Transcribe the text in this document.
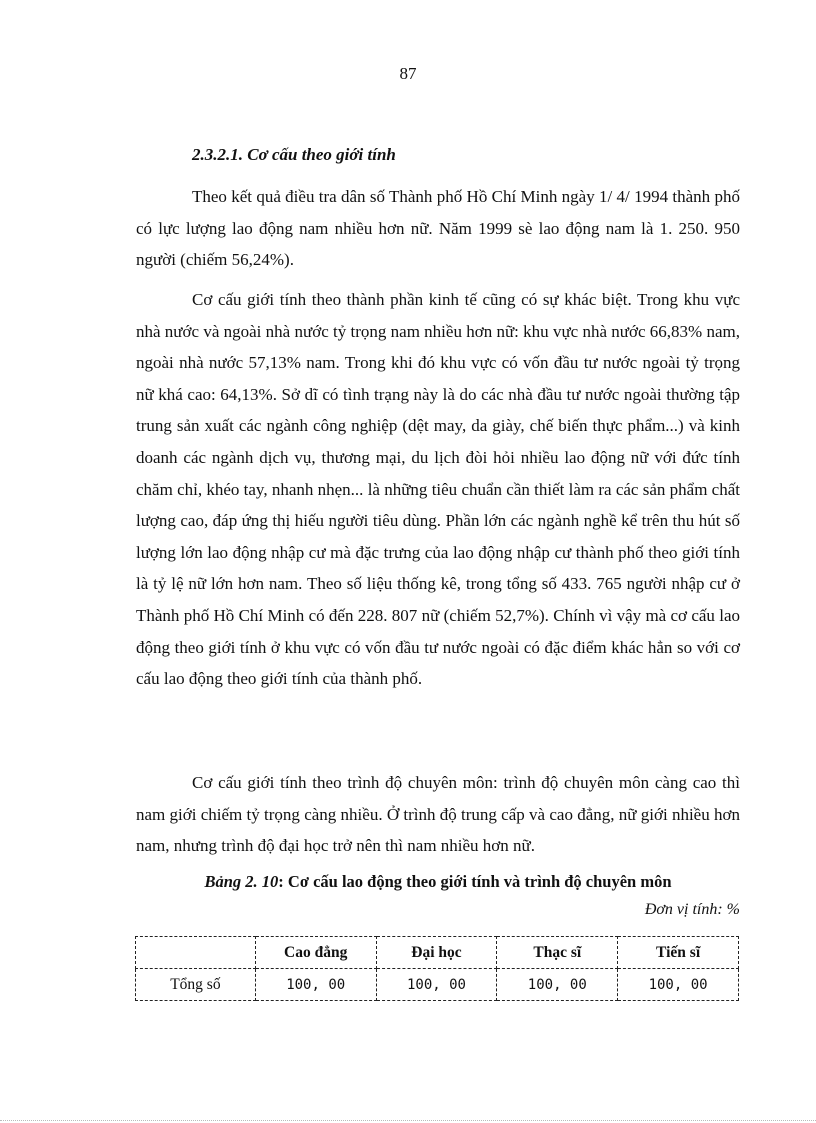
87
2.3.2.1. Cơ cấu theo giới tính

Theo kết quả điều tra dân số Thành phố Hồ Chí Minh ngày 1/ 4/ 1994 thành phố có lực lượng lao động nam nhiều hơn nữ. Năm 1999 sè lao động nam là 1. 250. 950 người (chiếm 56,24%).

Cơ cấu giới tính theo thành phần kinh tế cũng có sự khác biệt. Trong khu vực nhà nước và ngoài nhà nước tỷ trọng nam nhiều hơn nữ: khu vực nhà nước 66,83% nam, ngoài nhà nước 57,13% nam. Trong khi đó khu vực có vốn đầu tư nước ngoài tỷ trọng nữ khá cao: 64,13%. Sở dĩ có tình trạng này là do các nhà đầu tư nước ngoài thường tập trung sản xuất các ngành công nghiệp (dệt may, da giày, chế biến thực phẩm...) và kinh doanh các ngành dịch vụ, thương mại, du lịch đòi hỏi nhiều lao động nữ với đức tính chăm chỉ, khéo tay, nhanh nhẹn... là những tiêu chuẩn cần thiết làm ra các sản phẩm chất lượng cao, đáp ứng thị hiếu người tiêu dùng. Phần lớn các ngành nghề kể trên thu hút số lượng lớn lao động nhập cư mà đặc trưng của lao động nhập cư thành phố theo giới tính là tỷ lệ nữ lớn hơn nam. Theo số liệu thống kê, trong tổng số 433. 765 người nhập cư ở Thành phố Hồ Chí Minh có đến 228. 807 nữ (chiếm 52,7%). Chính vì vậy mà cơ cấu lao động theo giới tính ở khu vực có vốn đầu tư nước ngoài có đặc điểm khác hẳn so với cơ cấu lao động theo giới tính của thành phố.

Cơ cấu giới tính theo trình độ chuyên môn: trình độ chuyên môn càng cao thì nam giới chiếm tỷ trọng càng nhiều. Ở trình độ trung cấp và cao đẳng, nữ giới nhiều hơn nam, nhưng trình độ đại học trở nên thì nam nhiều hơn nữ.

Bảng 2. 10: Cơ cấu lao động theo giới tính và trình độ chuyên môn
Đơn vị tính: %
	Cao đẳng	Đại học	Thạc sĩ	Tiến sĩ
Tổng số	100, 00	100, 00	100, 00	100, 00
